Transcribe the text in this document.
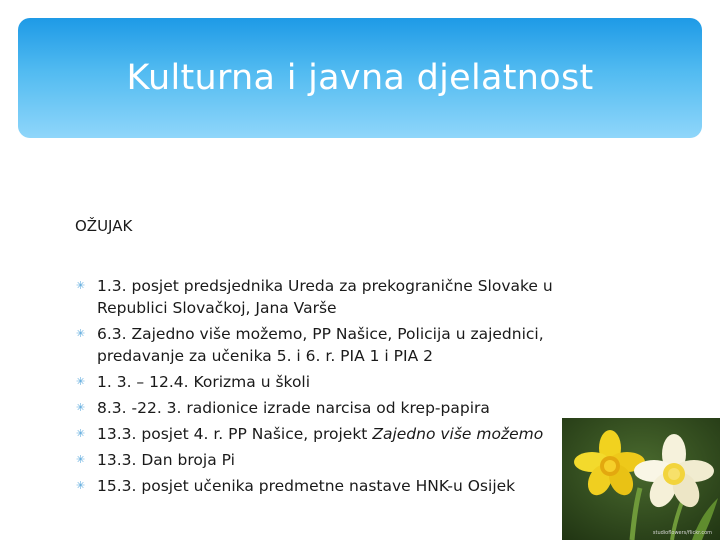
Kulturna i javna djelatnost
OŽUJAK
✳ 1.3. posjet predsjednika Ureda za prekogranične Slovake u Republici Slovačkoj, Jana Varše
✳ 6.3. Zajedno više možemo, PP Našice, Policija u zajednici, predavanje za učenika 5. i 6. r. PIA 1 i PIA 2
✳ 1. 3. – 12.4. Korizma u školi
✳ 8.3. -22. 3. radionice izrade narcisa od krep-papira
✳ 13.3. posjet 4. r. PP Našice, projekt Zajedno više možemo
✳ 13.3. Dan broja Pi
✳ 15.3. posjet učenika predmetne nastave HNK-u Osijek
studioflowers/flickr.com
